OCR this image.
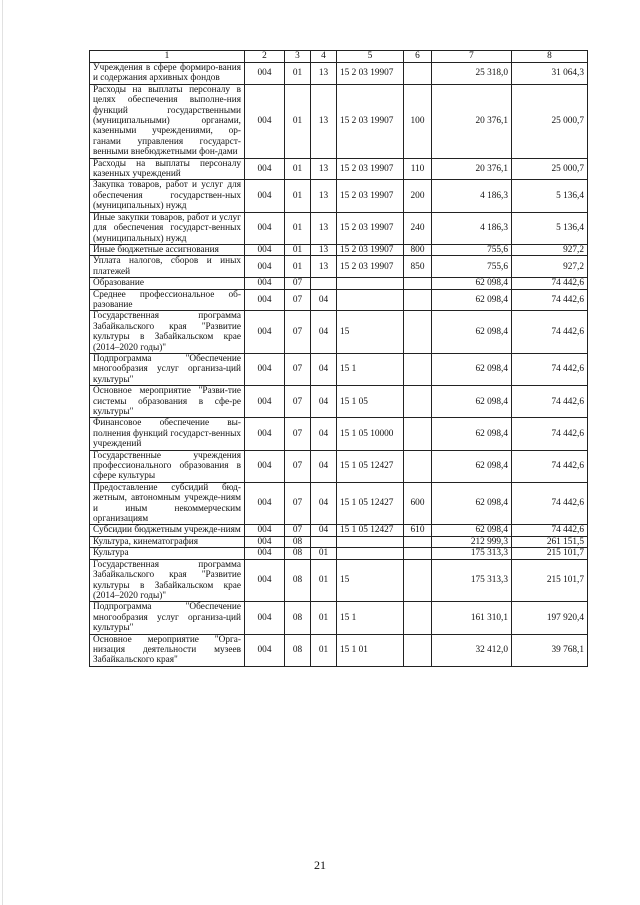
1	2	3	4	5	6	7	8
Учреждения в сфере формиро-вания и содержания архивных фондов	004	01	13	15 2 03 19907		25 318,0	31 064,3
Расходы на выплаты персоналу в целях обеспечения выполне-ния функций государственными (муниципальными) органами, казенными учреждениями, ор-ганами управления государст-венными внебюджетными фон-дами	004	01	13	15 2 03 19907	100	20 376,1	25 000,7
Расходы на выплаты персоналу казенных учреждений	004	01	13	15 2 03 19907	110	20 376,1	25 000,7
Закупка товаров, работ и услуг для обеспечения государствен-ных (муниципальных) нужд	004	01	13	15 2 03 19907	200	4 186,3	5 136,4
Иные закупки товаров, работ и услуг для обеспечения государст-венных (муниципальных) нужд	004	01	13	15 2 03 19907	240	4 186,3	5 136,4
Иные бюджетные ассигнования	004	01	13	15 2 03 19907	800	755,6	927,2
Уплата налогов, сборов и иных платежей	004	01	13	15 2 03 19907	850	755,6	927,2
Образование	004	07				62 098,4	74 442,6
Среднее профессиональное об-разование	004	07	04			62 098,4	74 442,6
Государственная программа Забайкальского края "Развитие культуры в Забайкальском крае (2014–2020 годы)"	004	07	04	15		62 098,4	74 442,6
Подпрограмма "Обеспечение многообразия услуг организа-ций культуры"	004	07	04	15 1		62 098,4	74 442,6
Основное мероприятие "Разви-тие системы образования в сфе-ре культуры"	004	07	04	15 1 05		62 098,4	74 442,6
Финансовое обеспечение вы-полнения функций государст-венных учреждений	004	07	04	15 1 05 10000		62 098,4	74 442,6
Государственные учреждения профессионального образования в сфере культуры	004	07	04	15 1 05 12427		62 098,4	74 442,6
Предоставление субсидий бюд-жетным, автономным учрежде-ниям и иным некоммерческим организациям	004	07	04	15 1 05 12427	600	62 098,4	74 442,6
Субсидии бюджетным учрежде-ниям	004	07	04	15 1 05 12427	610	62 098,4	74 442,6
Культура, кинематография	004	08				212 999,3	261 151,5
Культура	004	08	01			175 313,3	215 101,7
Государственная программа Забайкальского края "Развитие культуры в Забайкальском крае (2014–2020 годы)"	004	08	01	15		175 313,3	215 101,7
Подпрограмма "Обеспечение многообразия услуг организа-ций культуры"	004	08	01	15 1		161 310,1	197 920,4
Основное мероприятие "Орга-низация деятельности музеев Забайкальского края"	004	08	01	15 1 01		32 412,0	39 768,1
21
